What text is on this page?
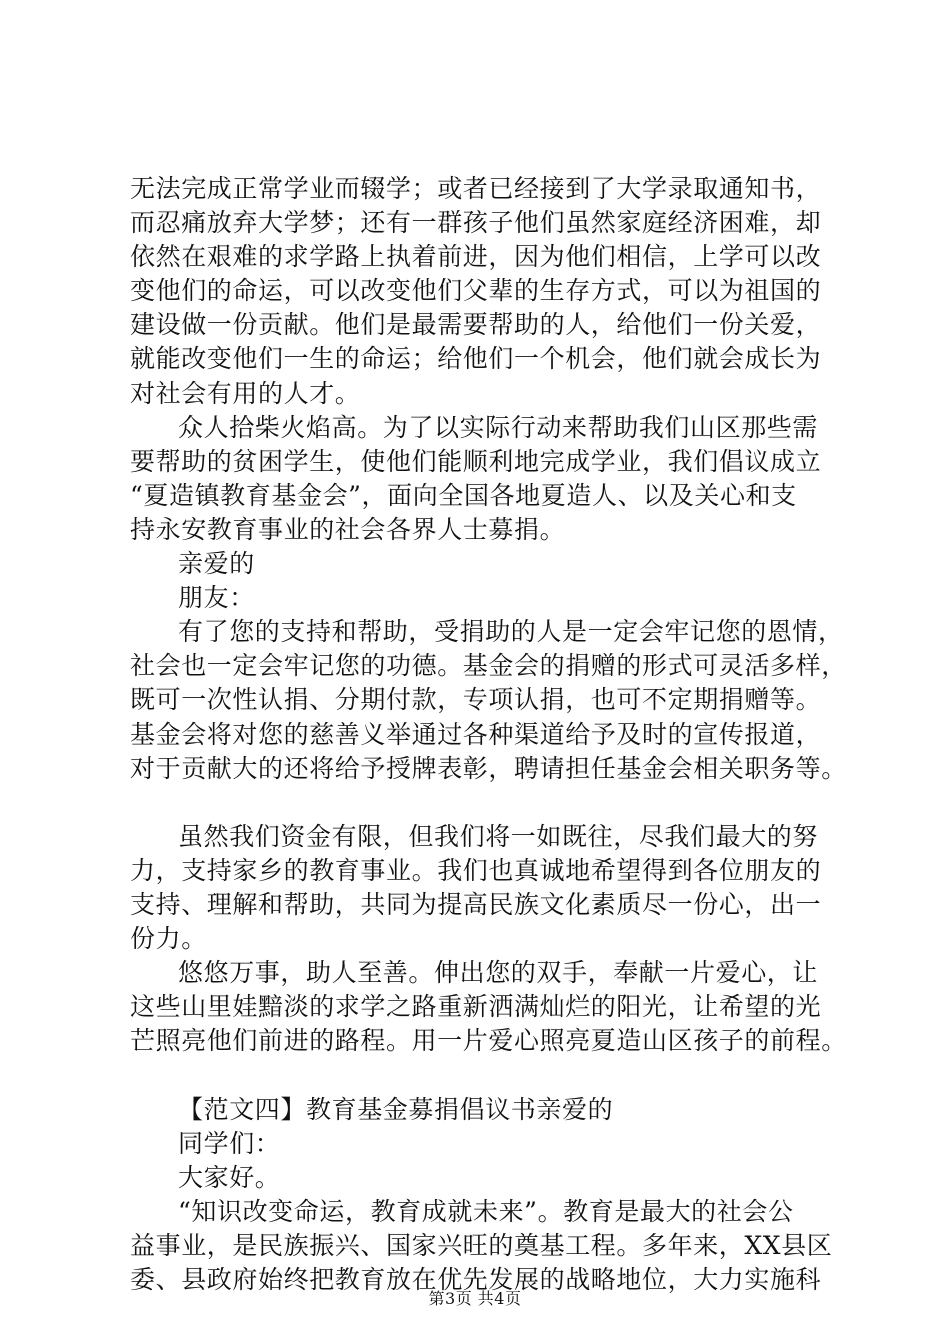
无法完成正常学业而辍学；或者已经接到了大学录取通知书，
而忍痛放弃大学梦；还有一群孩子他们虽然家庭经济困难，却
依然在艰难的求学路上执着前进，因为他们相信，上学可以改
变他们的命运，可以改变他们父辈的生存方式，可以为祖国的
建设做一份贡献。他们是最需要帮助的人，给他们一份关爱，
就能改变他们一生的命运；给他们一个机会，他们就会成长为
对社会有用的人才。
众人拾柴火焰高。为了以实际行动来帮助我们山区那些需
要帮助的贫困学生，使他们能顺利地完成学业，我们倡议成立
“夏造镇教育基金会”，面向全国各地夏造人、以及关心和支
持永安教育事业的社会各界人士募捐。
亲爱的
朋友：
有了您的支持和帮助，受捐助的人是一定会牢记您的恩情，
社会也一定会牢记您的功德。基金会的捐赠的形式可灵活多样，
既可一次性认捐、分期付款，专项认捐，也可不定期捐赠等。
基金会将对您的慈善义举通过各种渠道给予及时的宣传报道，
对于贡献大的还将给予授牌表彰，聘请担任基金会相关职务等。
虽然我们资金有限，但我们将一如既往，尽我们最大的努
力，支持家乡的教育事业。我们也真诚地希望得到各位朋友的
支持、理解和帮助，共同为提高民族文化素质尽一份心，出一
份力。
悠悠万事，助人至善。伸出您的双手，奉献一片爱心，让
这些山里娃黯淡的求学之路重新洒满灿烂的阳光，让希望的光
芒照亮他们前进的路程。用一片爱心照亮夏造山区孩子的前程。
【范文四】教育基金募捐倡议书亲爱的
同学们：
大家好。
“知识改变命运，教育成就未来”。教育是最大的社会公
益事业，是民族振兴、国家兴旺的奠基工程。多年来，XX县区
委、县政府始终把教育放在优先发展的战略地位，大力实施科
第3页 共4页
